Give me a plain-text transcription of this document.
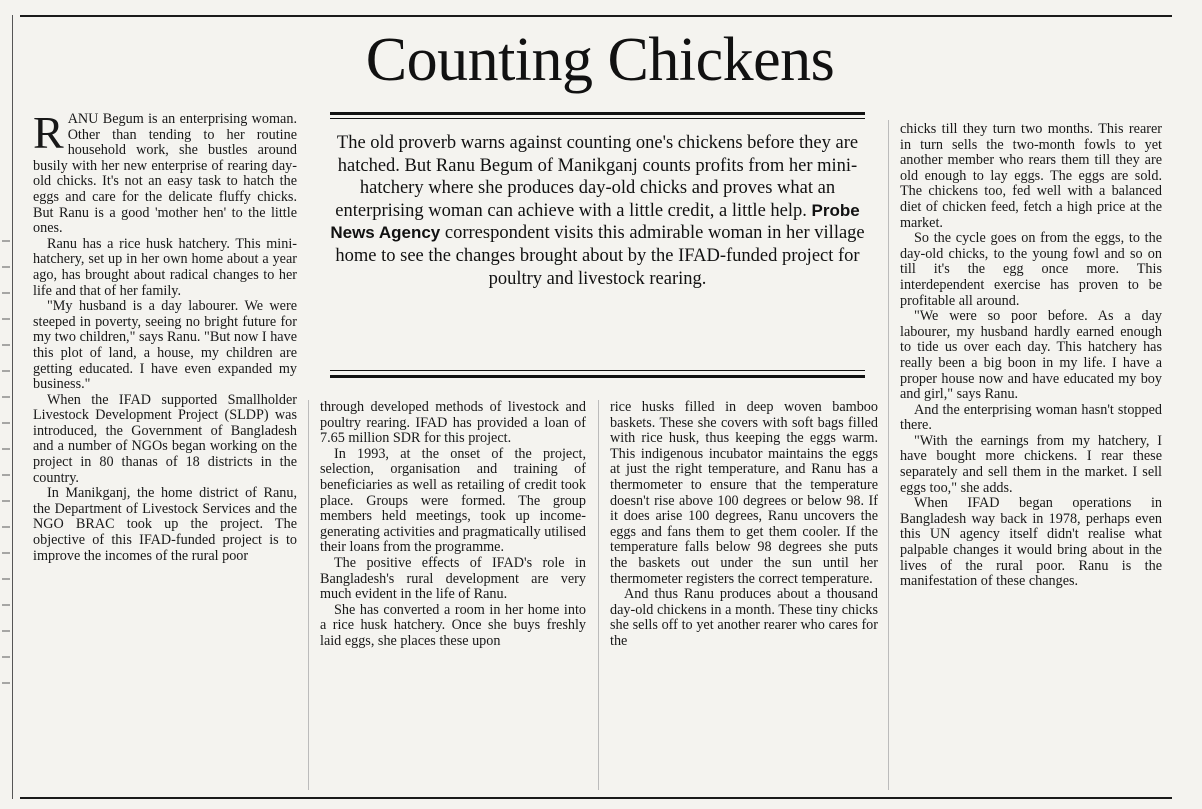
Counting Chickens
The old proverb warns against counting one's chickens before they are hatched. But Ranu Begum of Manikganj counts profits from her mini-hatchery where she produces day-old chicks and proves what an enterprising woman can achieve with a little credit, a little help. Probe News Agency correspondent visits this admirable woman in her village home to see the changes brought about by the IFAD-funded project for poultry and livestock rearing.

RANU Begum is an enterprising woman. Other than tending to her routine household work, she bustles around busily with her new enterprise of rearing day-old chicks. It's not an easy task to hatch the eggs and care for the delicate fluffy chicks. But Ranu is a good 'mother hen' to the little ones.

Ranu has a rice husk hatchery. This mini-hatchery, set up in her own home about a year ago, has brought about radical changes to her life and that of her family.

"My husband is a day labourer. We were steeped in poverty, seeing no bright future for my two children," says Ranu. "But now I have this plot of land, a house, my children are getting educated. I have even expanded my business."

When the IFAD supported Smallholder Livestock Development Project (SLDP) was introduced, the Government of Bangladesh and a number of NGOs began working on the project in 80 thanas of 18 districts in the country.

In Manikganj, the home district of Ranu, the Department of Livestock Services and the NGO BRAC took up the project. The objective of this IFAD-funded project is to improve the incomes of the rural poor

through developed methods of livestock and poultry rearing. IFAD has provided a loan of 7.65 million SDR for this project.

In 1993, at the onset of the project, selection, organisation and training of beneficiaries as well as retailing of credit took place. Groups were formed. The group members held meetings, took up income-generating activities and pragmatically utilised their loans from the programme.

The positive effects of IFAD's role in Bangladesh's rural development are very much evident in the life of Ranu.

She has converted a room in her home into a rice husk hatchery. Once she buys freshly laid eggs, she places these upon

rice husks filled in deep woven bamboo baskets. These she covers with soft bags filled with rice husk, thus keeping the eggs warm. This indigenous incubator maintains the eggs at just the right temperature, and Ranu has a thermometer to ensure that the temperature doesn't rise above 100 degrees or below 98. If it does arise 100 degrees, Ranu uncovers the eggs and fans them to get them cooler. If the temperature falls below 98 degrees she puts the baskets out under the sun until her thermometer registers the correct temperature.

And thus Ranu produces about a thousand day-old chickens in a month. These tiny chicks she sells off to yet another rearer who cares for the

chicks till they turn two months. This rearer in turn sells the two-month fowls to yet another member who rears them till they are old enough to lay eggs. The eggs are sold. The chickens too, fed well with a balanced diet of chicken feed, fetch a high price at the market.

So the cycle goes on from the eggs, to the day-old chicks, to the young fowl and so on till it's the egg once more. This interdependent exercise has proven to be profitable all around.

"We were so poor before. As a day labourer, my husband hardly earned enough to tide us over each day. This hatchery has really been a big boon in my life. I have a proper house now and have educated my boy and girl," says Ranu.

And the enterprising woman hasn't stopped there.

"With the earnings from my hatchery, I have bought more chickens. I rear these separately and sell them in the market. I sell eggs too," she adds.

When IFAD began operations in Bangladesh way back in 1978, perhaps even this UN agency itself didn't realise what palpable changes it would bring about in the lives of the rural poor. Ranu is the manifestation of these changes.
